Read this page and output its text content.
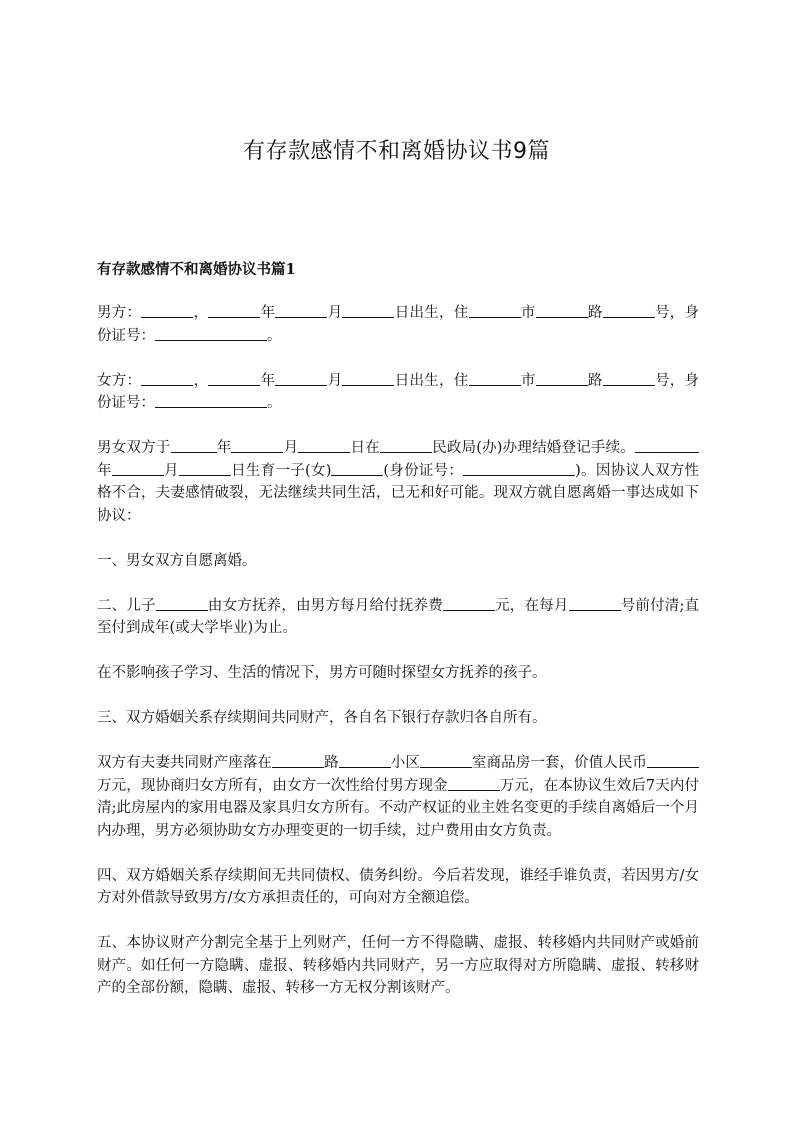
有存款感情不和离婚协议书9篇
有存款感情不和离婚协议书篇1

男方：	，	年	月	日出生，住	市	路	号，身份证号：	。

女方：	，	年	月	日出生，住	市	路	号，身份证号：	。

男女双方于	年	月	日在	民政局(办)办理结婚登记手续。年	月	日生育一子(女)	(身份证号：	)。因协议人双方性格不合，夫妻感情破裂，无法继续共同生活，已无和好可能。现双方就自愿离婚一事达成如下协议：

一、男女双方自愿离婚。

二、儿子	由女方抚养，由男方每月给付抚养费	元，在每月	号前付清;直至付到成年(或大学毕业)为止。

在不影响孩子学习、生活的情况下，男方可随时探望女方抚养的孩子。

三、双方婚姻关系存续期间共同财产，各自名下银行存款归各自所有。

双方有夫妻共同财产座落在	路	小区	室商品房一套，价值人民币万元，现协商归女方所有，由女方一次性给付男方现金	万元，在本协议生效后7天内付清;此房屋内的家用电器及家具归女方所有。不动产权证的业主姓名变更的手续自离婚后一个月内办理，男方必须协助女方办理变更的一切手续，过户费用由女方负责。

四、双方婚姻关系存续期间无共同债权、债务纠纷。今后若发现，谁经手谁负责，若因男方/女方对外借款导致男方/女方承担责任的，可向对方全额追偿。

五、本协议财产分割完全基于上列财产，任何一方不得隐瞒、虚报、转移婚内共同财产或婚前财产。如任何一方隐瞒、虚报、转移婚内共同财产，另一方应取得对方所隐瞒、虚报、转移财产的全部份额，隐瞒、虚报、转移一方无权分割该财产。
